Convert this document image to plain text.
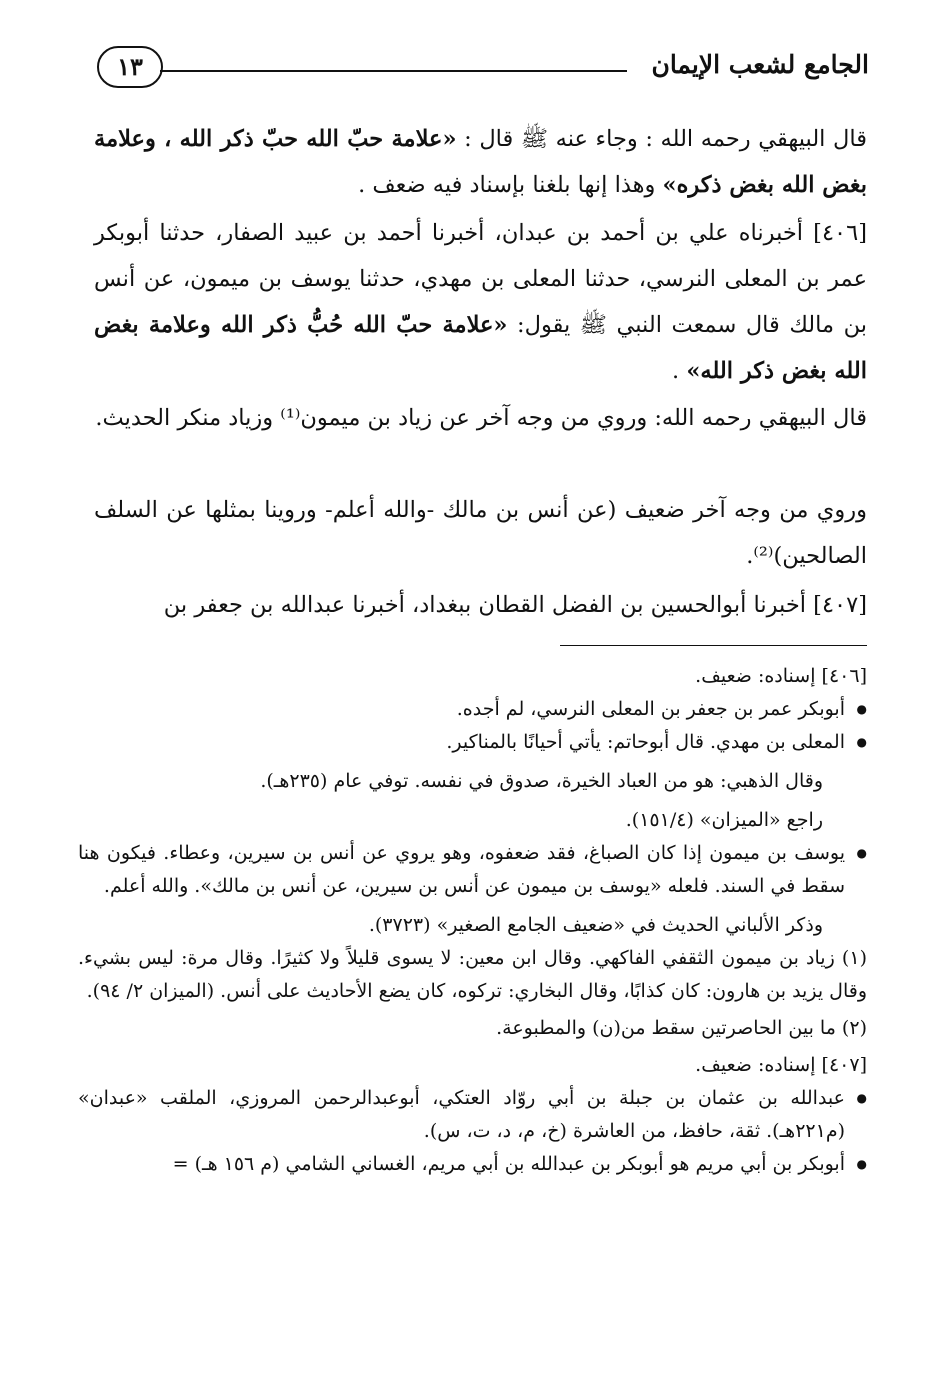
الجامع لشعب الإيمان
١٣
قال البيهقي رحمه الله : وجاء عنه ﷺ قال : «علامة حبّ الله حبّ ذكر الله ، وعلامة بغض الله بغض ذكره» وهذا إنها بلغنا بإسناد فيه ضعف .
[٤٠٦] أخبرناه علي بن أحمد بن عبدان، أخبرنا أحمد بن عبيد الصفار، حدثنا أبوبكر عمر بن المعلى النرسي، حدثنا المعلى بن مهدي، حدثنا يوسف بن ميمون، عن أنس بن مالك قال سمعت النبي ﷺ يقول: «علامة حبّ الله حُبُّ ذكر الله وعلامة بغض الله بغض ذكر الله» .
قال البيهقي رحمه الله: وروي من وجه آخر عن زياد بن ميمون⁽¹⁾ وزياد منكر الحديث.
وروي من وجه آخر ضعيف (عن أنس بن مالك -والله أعلم- وروينا بمثلها عن السلف الصالحين)⁽²⁾.
[٤٠٧] أخبرنا أبوالحسين بن الفضل القطان ببغداد، أخبرنا عبدالله بن جعفر بن
[٤٠٦] إسناده: ضعيف.
● أبوبكر عمر بن جعفر بن المعلى النرسي، لم أجده.
● المعلى بن مهدي. قال أبوحاتم: يأتي أحيانًا بالمناكير.
وقال الذهبي: هو من العباد الخيرة، صدوق في نفسه. توفي عام (٢٣٥هـ).
راجع «الميزان» (١٥١/٤).
● يوسف بن ميمون إذا كان الصباغ، فقد ضعفوه، وهو يروي عن أنس بن سيرين، وعطاء. فيكون هنا سقط في السند. فلعله «يوسف بن ميمون عن أنس بن سيرين، عن أنس بن مالك». والله أعلم.
وذكر الألباني الحديث في «ضعيف الجامع الصغير» (٣٧٢٣).
(١) زياد بن ميمون الثقفي الفاكهي. وقال ابن معين: لا يسوى قليلاً ولا كثيرًا. وقال مرة: ليس بشيء. وقال يزيد بن هارون: كان كذابًا، وقال البخاري: تركوه، كان يضع الأحاديث على أنس. (الميزان ٢/ ٩٤).
(٢) ما بين الحاصرتين سقط من(ن) والمطبوعة.
[٤٠٧] إسناده: ضعيف.
● عبدالله بن عثمان بن جبلة بن أبي روّاد العتكي، أبوعبدالرحمن المروزي، الملقب «عبدان» (م٢٢١هـ). ثقة، حافظ، من العاشرة (خ، م، د، ت، س).
● أبوبكر بن أبي مريم هو أبوبكر بن عبدالله بن أبي مريم، الغساني الشامي (م ١٥٦ هـ) =
